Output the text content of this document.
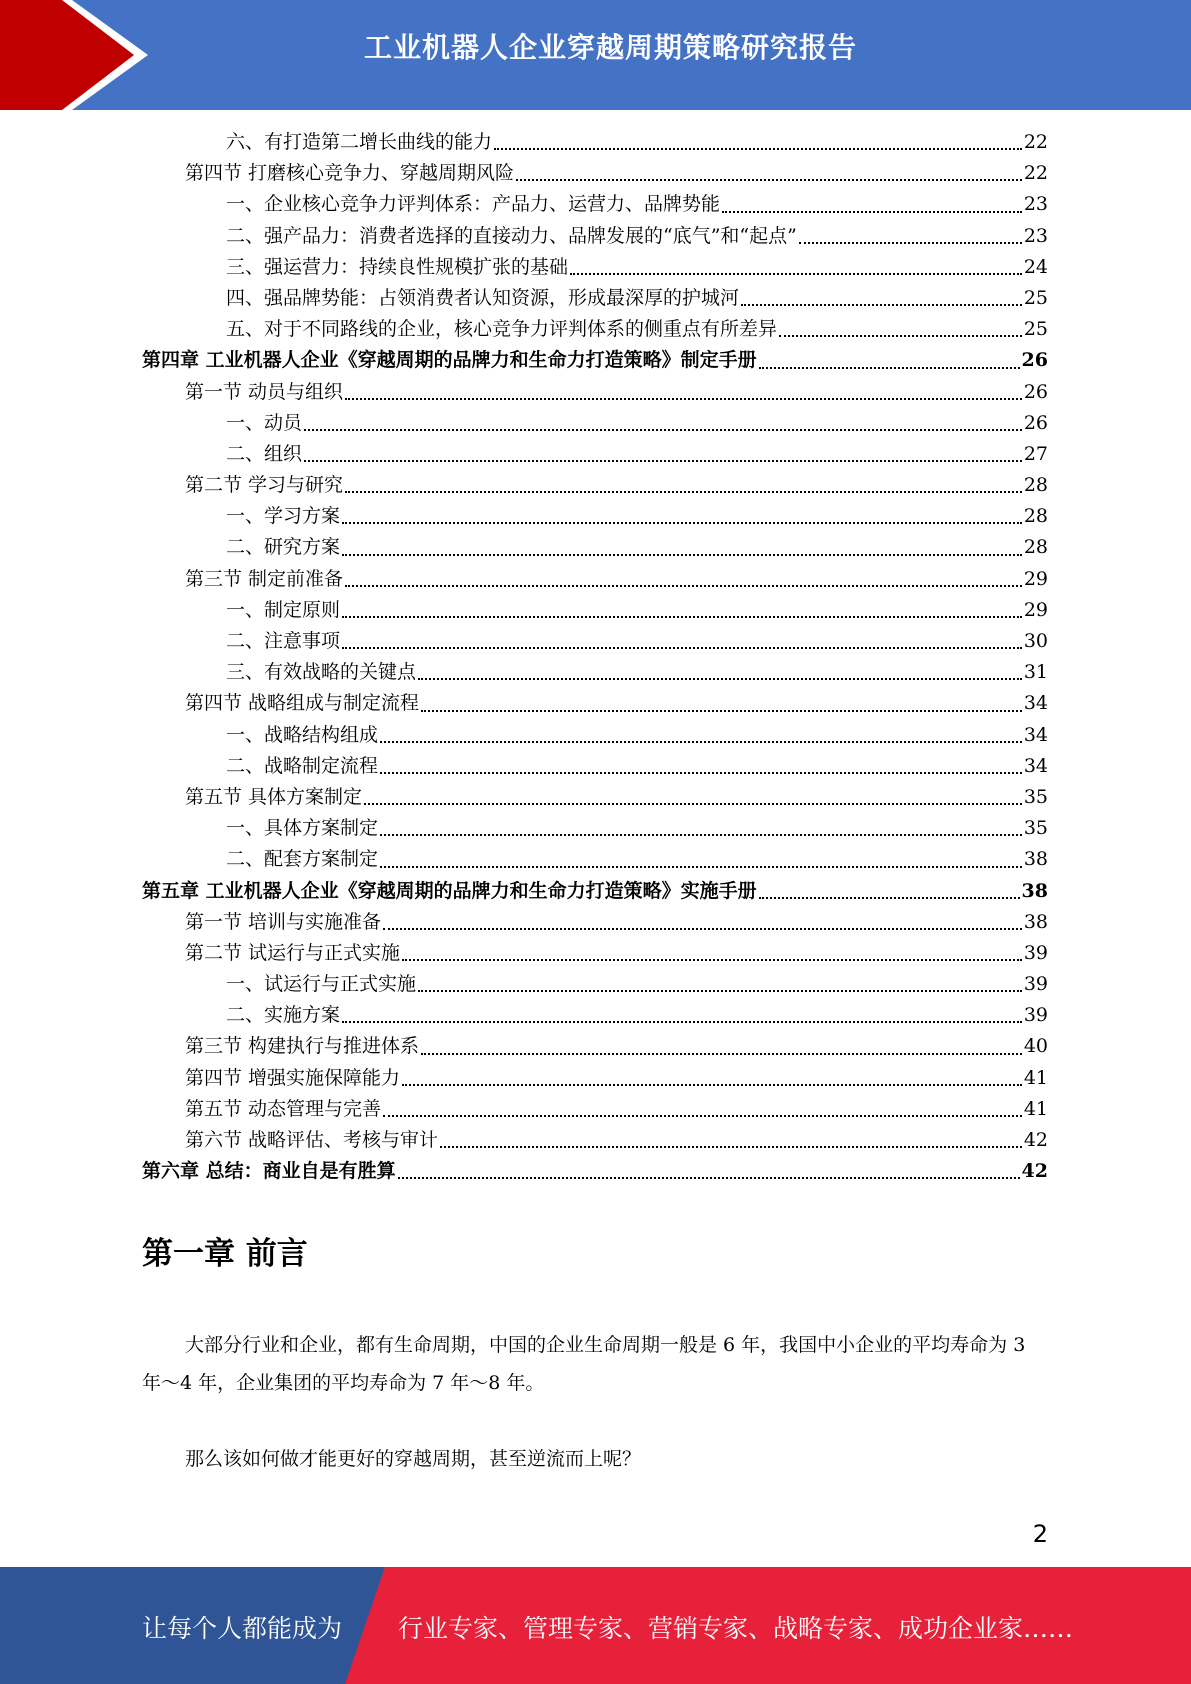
工业机器人企业穿越周期策略研究报告
六、有打造第二增长曲线的能力	22
第四节 打磨核心竞争力、穿越周期风险	22
一、企业核心竞争力评判体系：产品力、运营力、品牌势能	23
二、强产品力：消费者选择的直接动力、品牌发展的“底气”和“起点”	23
三、强运营力：持续良性规模扩张的基础	24
四、强品牌势能：占领消费者认知资源，形成最深厚的护城河	25
五、对于不同路线的企业，核心竞争力评判体系的侧重点有所差异	25
第四章 工业机器人企业《穿越周期的品牌力和生命力打造策略》制定手册	26
第一节 动员与组织	26
一、动员	26
二、组织	27
第二节 学习与研究	28
一、学习方案	28
二、研究方案	28
第三节 制定前准备	29
一、制定原则	29
二、注意事项	30
三、有效战略的关键点	31
第四节 战略组成与制定流程	34
一、战略结构组成	34
二、战略制定流程	34
第五节 具体方案制定	35
一、具体方案制定	35
二、配套方案制定	38
第五章 工业机器人企业《穿越周期的品牌力和生命力打造策略》实施手册	38
第一节 培训与实施准备	38
第二节 试运行与正式实施	39
一、试运行与正式实施	39
二、实施方案	39
第三节 构建执行与推进体系	40
第四节 增强实施保障能力	41
第五节 动态管理与完善	41
第六节 战略评估、考核与审计	42
第六章 总结：商业自是有胜算	42
第一章 前言
大部分行业和企业，都有生命周期，中国的企业生命周期一般是 6 年，我国中小企业的平均寿命为 3 年～4 年，企业集团的平均寿命为 7 年～8 年。
那么该如何做才能更好的穿越周期，甚至逆流而上呢？
2
让每个人都能成为 行业专家、管理专家、营销专家、战略专家、成功企业家……
